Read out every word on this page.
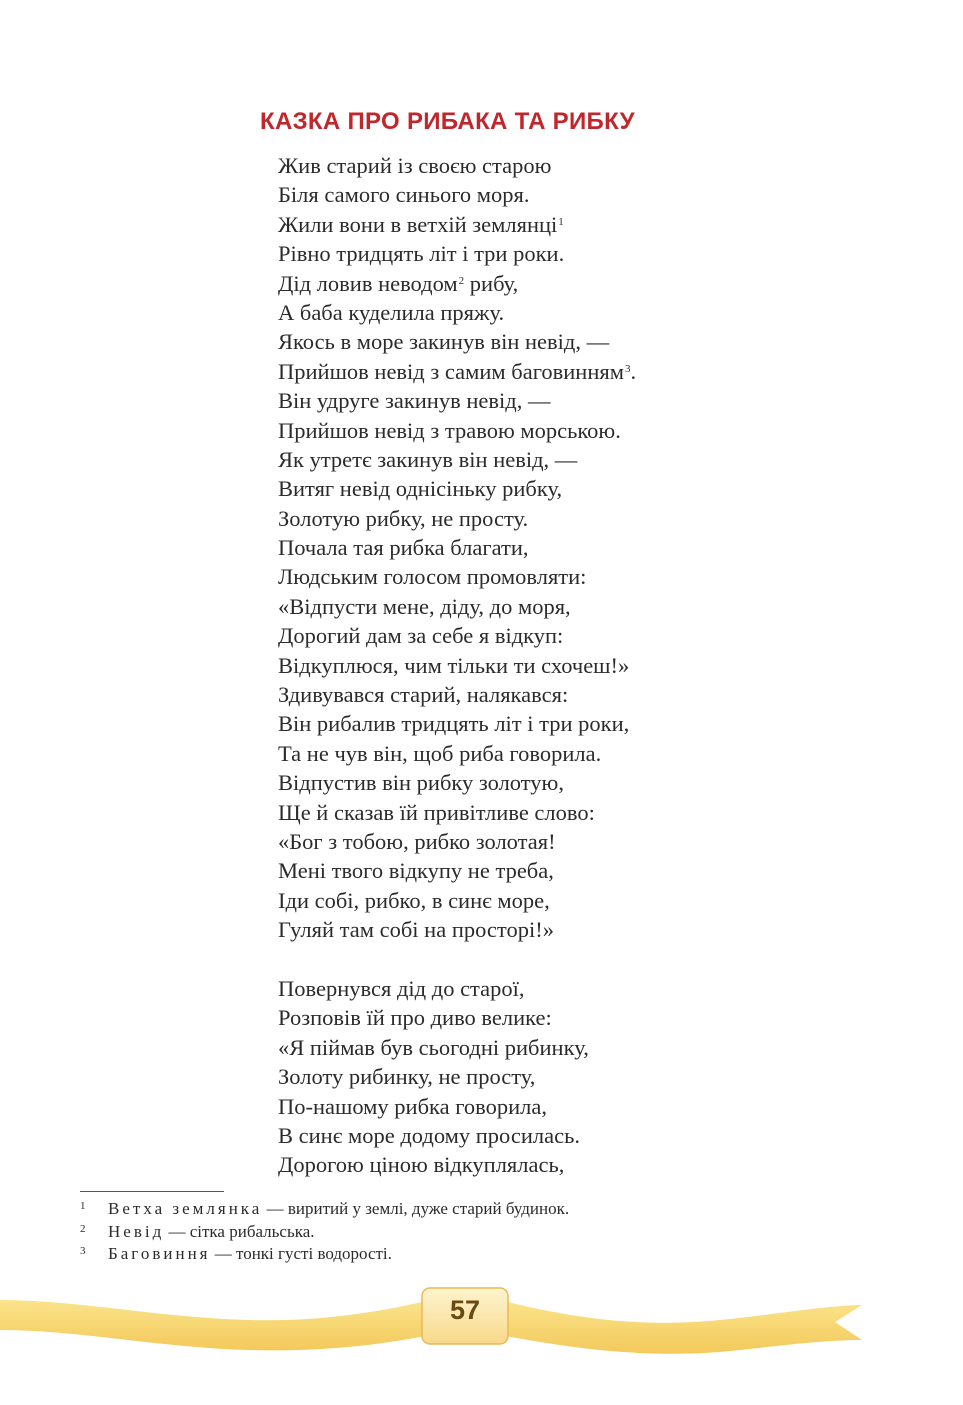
КАЗКА ПРО РИБАКА ТА РИБКУ
Жив старий із своєю старою
Біля самого синього моря.
Жили вони в ветхій землянці$^1$
Рівно тридцять літ і три роки.
Дід ловив неводом$^2$ рибу,
А баба куделила пряжу.
Якось в море закинув він невід, —
Прийшов невід з самим баговинням$^3$.
Він удруге закинув невід, —
Прийшов невід з травою морською.
Як утретє закинув він невід, —
Витяг невід однісіньку рибку,
Золотую рибку, не просту.
Почала тая рибка благати,
Людським голосом промовляти:
«Відпусти мене, діду, до моря,
Дорогий дам за себе я відкуп:
Відкуплюся, чим тільки ти схочеш!»
Здивувався старий, налякався:
Він рибалив тридцять літ і три роки,
Та не чув він, щоб риба говорила.
Відпустив він рибку золотую,
Ще й сказав їй привітливе слово:
«Бог з тобою, рибко золотая!
Мені твого відкупу не треба,
Іди собі, рибко, в синє море,
Гуляй там собі на просторі!»
Повернувся дід до старої,
Розповів їй про диво велике:
«Я піймав був сьогодні рибинку,
Золоту рибинку, не просту,
По-нашому рибка говорила,
В синє море додому просилась.
Дорогою ціною відкуплялась,
1	Ветха землянка — виритий у землі, дуже старий будинок.
2	Невід — сітка рибальська.
3	Баговиння — тонкі густі водорості.
57
